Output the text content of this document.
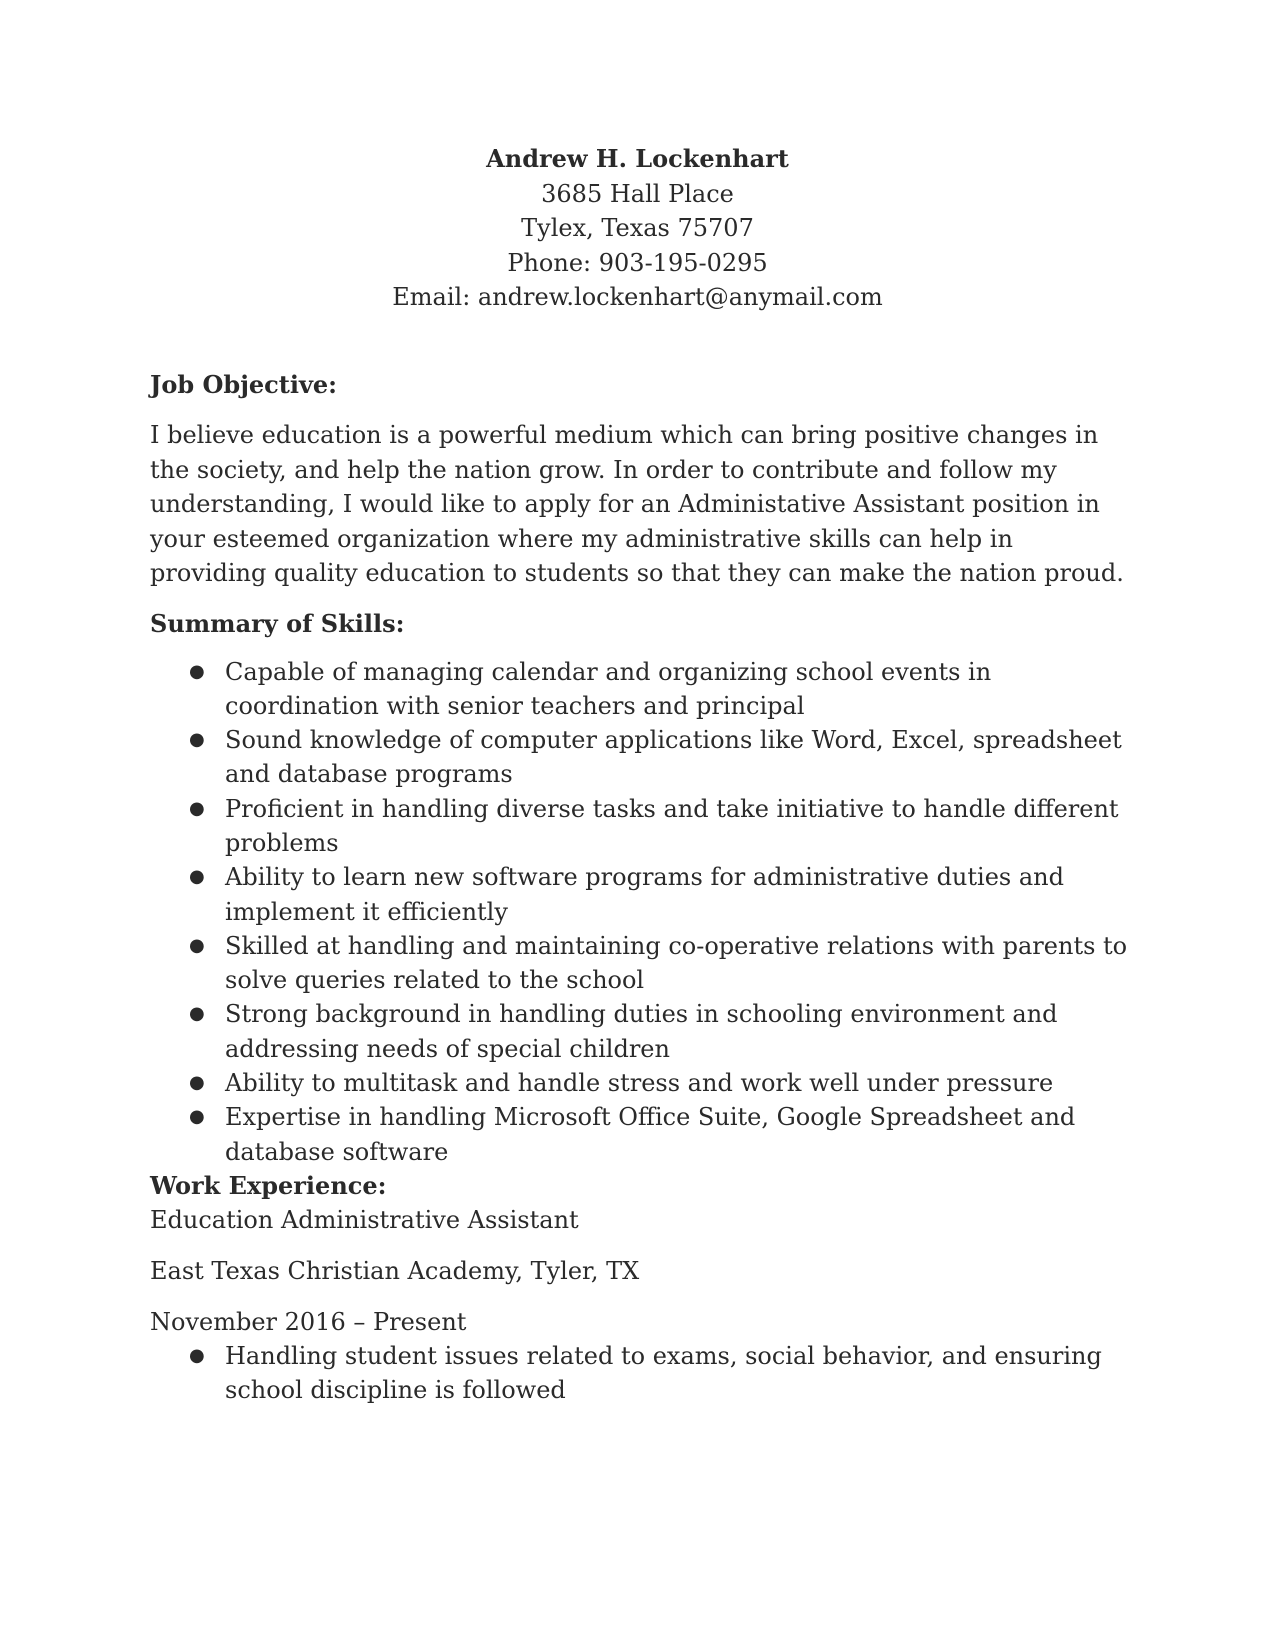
Andrew H. Lockenhart
3685 Hall Place
Tylex, Texas 75707
Phone: 903-195-0295
Email: andrew.lockenhart@anymail.com

Job Objective:

I believe education is a powerful medium which can bring positive changes in the society, and help the nation grow. In order to contribute and follow my understanding, I would like to apply for an Administative Assistant position in your esteemed organization where my administrative skills can help in providing quality education to students so that they can make the nation proud.

Summary of Skills:

● Capable of managing calendar and organizing school events in coordination with senior teachers and principal
● Sound knowledge of computer applications like Word, Excel, spreadsheet and database programs
● Proficient in handling diverse tasks and take initiative to handle different problems
● Ability to learn new software programs for administrative duties and implement it efficiently
● Skilled at handling and maintaining co-operative relations with parents to solve queries related to the school
● Strong background in handling duties in schooling environment and addressing needs of special children
● Ability to multitask and handle stress and work well under pressure
● Expertise in handling Microsoft Office Suite, Google Spreadsheet and database software

Work Experience:

Education Administrative Assistant
East Texas Christian Academy, Tyler, TX
November 2016 – Present
● Handling student issues related to exams, social behavior, and ensuring school discipline is followed
